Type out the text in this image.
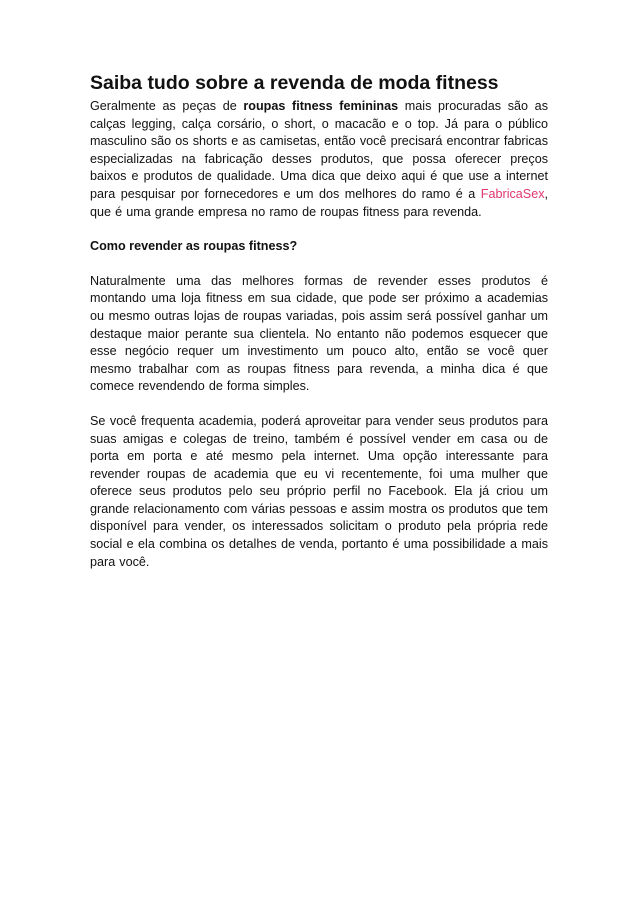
Saiba tudo sobre a revenda de moda fitness

Geralmente as peças de roupas fitness femininas mais procuradas são as calças legging, calça corsário, o short, o macacão e o top. Já para o público masculino são os shorts e as camisetas, então você precisará encontrar fabricas especializadas na fabricação desses produtos, que possa oferecer preços baixos e produtos de qualidade. Uma dica que deixo aqui é que use a internet para pesquisar por fornecedores e um dos melhores do ramo é a FabricaSex, que é uma grande empresa no ramo de roupas fitness para revenda.

Como revender as roupas fitness?

Naturalmente uma das melhores formas de revender esses produtos é montando uma loja fitness em sua cidade, que pode ser próximo a academias ou mesmo outras lojas de roupas variadas, pois assim será possível ganhar um destaque maior perante sua clientela. No entanto não podemos esquecer que esse negócio requer um investimento um pouco alto, então se você quer mesmo trabalhar com as roupas fitness para revenda, a minha dica é que comece revendendo de forma simples.

Se você frequenta academia, poderá aproveitar para vender seus produtos para suas amigas e colegas de treino, também é possível vender em casa ou de porta em porta e até mesmo pela internet. Uma opção interessante para revender roupas de academia que eu vi recentemente, foi uma mulher que oferece seus produtos pelo seu próprio perfil no Facebook. Ela já criou um grande relacionamento com várias pessoas e assim mostra os produtos que tem disponível para vender, os interessados solicitam o produto pela própria rede social e ela combina os detalhes de venda, portanto é uma possibilidade a mais para você.
